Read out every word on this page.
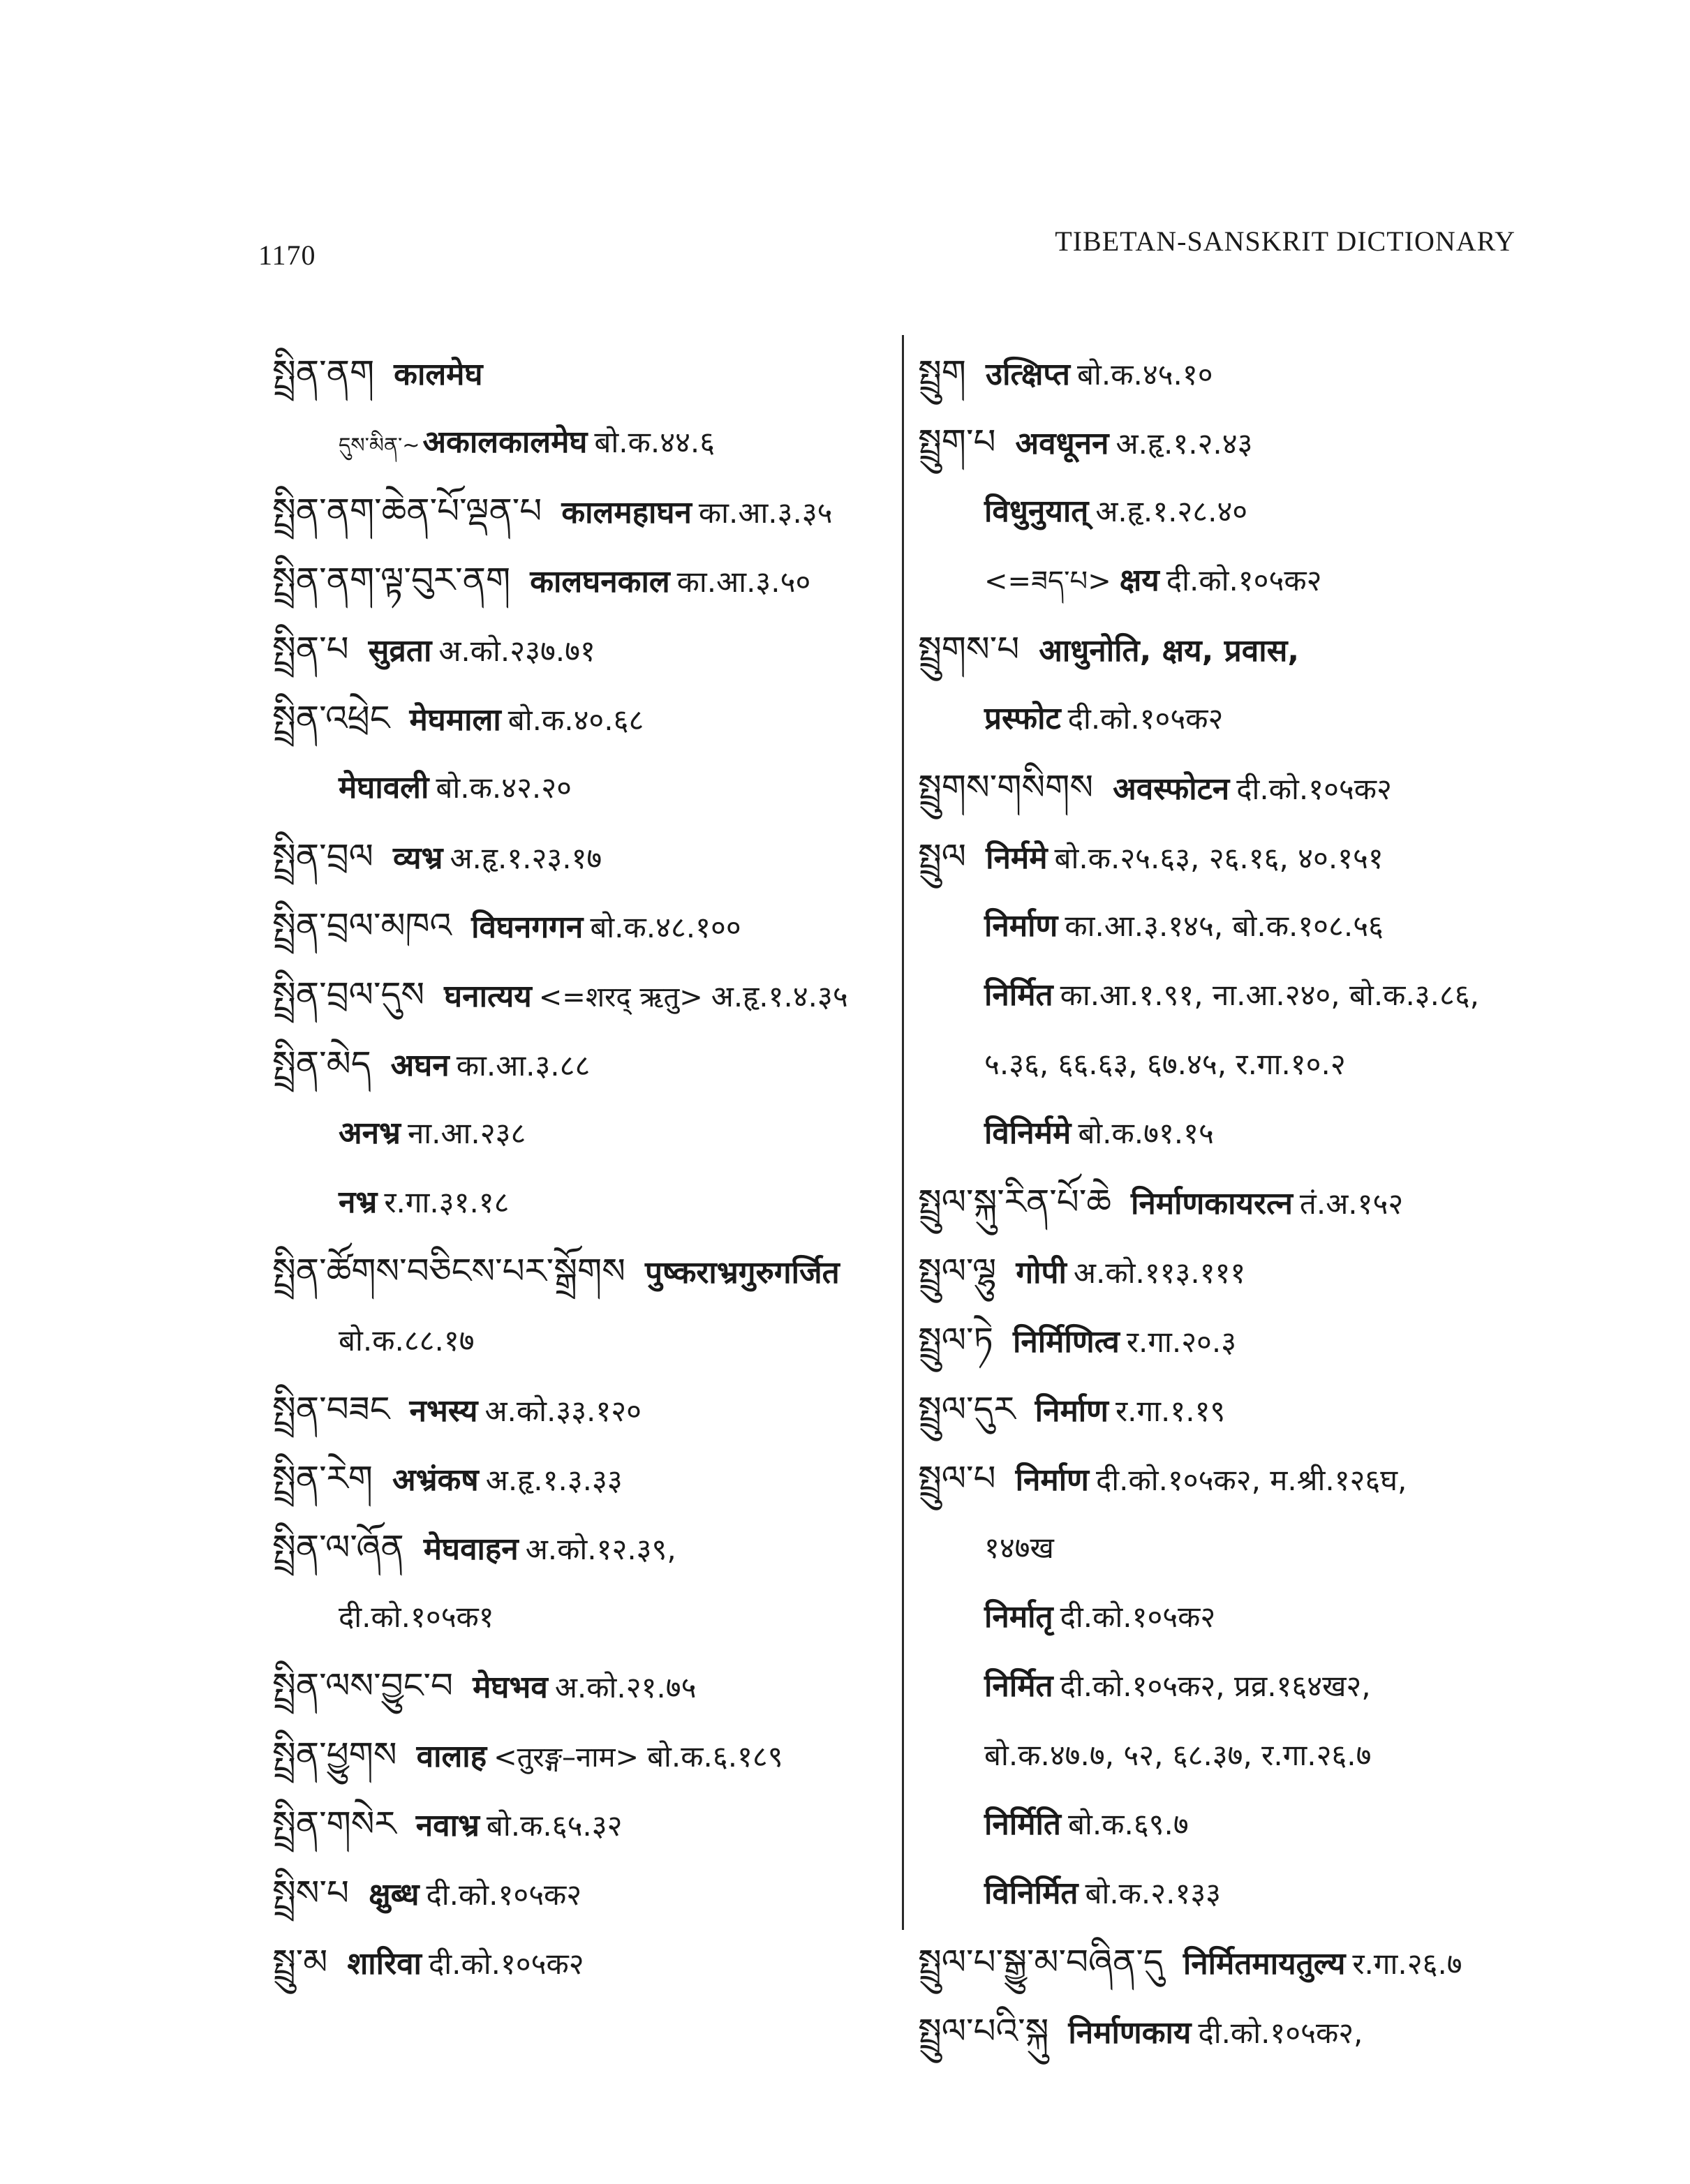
1170	TIBETAN-SANSKRIT DICTIONARY
སྤྲིན་ནག कालमेघ
དུས་མིན་~अकालकालमेघ बो.क.४४.६
སྤྲིན་ནག་ཆེན་པོ་ལྡན་པ कालमहाघन का.आ.३.३५
སྤྲིན་ནག་ལྟ་བུར་ནག कालघनकाल का.आ.३.५०
སྤྲིན་པ सुव्रता अ.को.२३७.७१
སྤྲིན་འཕྲེང मेघमाला बो.क.४०.६८
मेघावली बो.क.४२.२०
སྤྲིན་བྲལ व्यभ्र अ.हृ.१.२३.१७
སྤྲིན་བྲལ་མཁའ विघनगगन बो.क.४८.१००
སྤྲིན་བྲལ་དུས घनात्यय <=शरद् ऋतु> अ.हृ.१.४.३५
སྤྲིན་མེད अघन का.आ.३.८८
अनभ्र ना.आ.२३८
नभ्र र.गा.३१.१८
སྤྲིན་ཚོགས་བཅིངས་པར་སྒྲོགས पुष्कराभ्रगुरुगर्जित
बो.क.८८.१७
སྤྲིན་བཟང नभस्य अ.को.३३.१२०
སྤྲིན་རེག अभ्रंकष अ.हृ.१.३.३३
སྤྲིན་ལ་ཞོན मेघवाहन अ.को.१२.३९,
दी.को.१०५क१
སྤྲིན་ལས་བྱུང་བ मेघभव अ.को.२१.७५
སྤྲིན་ཕྱུགས वालाह <तुरङ्ग–नाम> बो.क.६.१८९
སྤྲིན་གསེར नवाभ्र बो.क.६५.३२
སྤྲིས་པ क्षुब्ध दी.को.१०५क२
སྤྲུ་མ शारिवा दी.को.१०५क२
སྤྲུག उत्क्षिप्त बो.क.४५.१०
སྤྲུག་པ अवधूनन अ.हृ.१.२.४३
विधुनुयात् अ.हृ.१.२८.४०
<=ཟད་པ> क्षय दी.को.१०५क२
སྤྲུགས་པ आधुनोति, क्षय, प्रवास,
प्रस्फोट दी.को.१०५क२
སྤྲུགས་གསིགས अवस्फोटन दी.को.१०५क२
སྤྲུལ निर्ममे बो.क.२५.६३, २६.१६, ४०.१५१
निर्माण का.आ.३.१४५, बो.क.१०८.५६
निर्मित का.आ.१.९१, ना.आ.२४०, बो.क.३.८६,
५.३६, ६६.६३, ६७.४५, र.गा.१०.२
विनिर्ममे बो.क.७१.१५
སྤྲུལ་སྐུ་རིན་པོ་ཆེ निर्माणकायरत्न तं.अ.१५२
སྤྲུལ་ལྷུ गोपी अ.को.११३.१११
སྤྲུལ་ཏེ निर्मिणित्व र.गा.२०.३
སྤྲུལ་དུར निर्माण र.गा.१.१९
སྤྲུལ་པ निर्माण दी.को.१०५क२, म.श्री.१२६घ,
१४७ख
निर्मातृ दी.को.१०५क२
निर्मित दी.को.१०५क२, प्रव्र.१६४ख२,
बो.क.४७.७, ५२, ६८.३७, र.गा.२६.७
निर्मिति बो.क.६९.७
विनिर्मित बो.क.२.१३३
སྤྲུལ་པ་སྒྱུ་མ་བཞིན་དུ निर्मितमायतुल्य र.गा.२६.७
སྤྲུལ་པའི་སྐུ निर्माणकाय दी.को.१०५क२,
